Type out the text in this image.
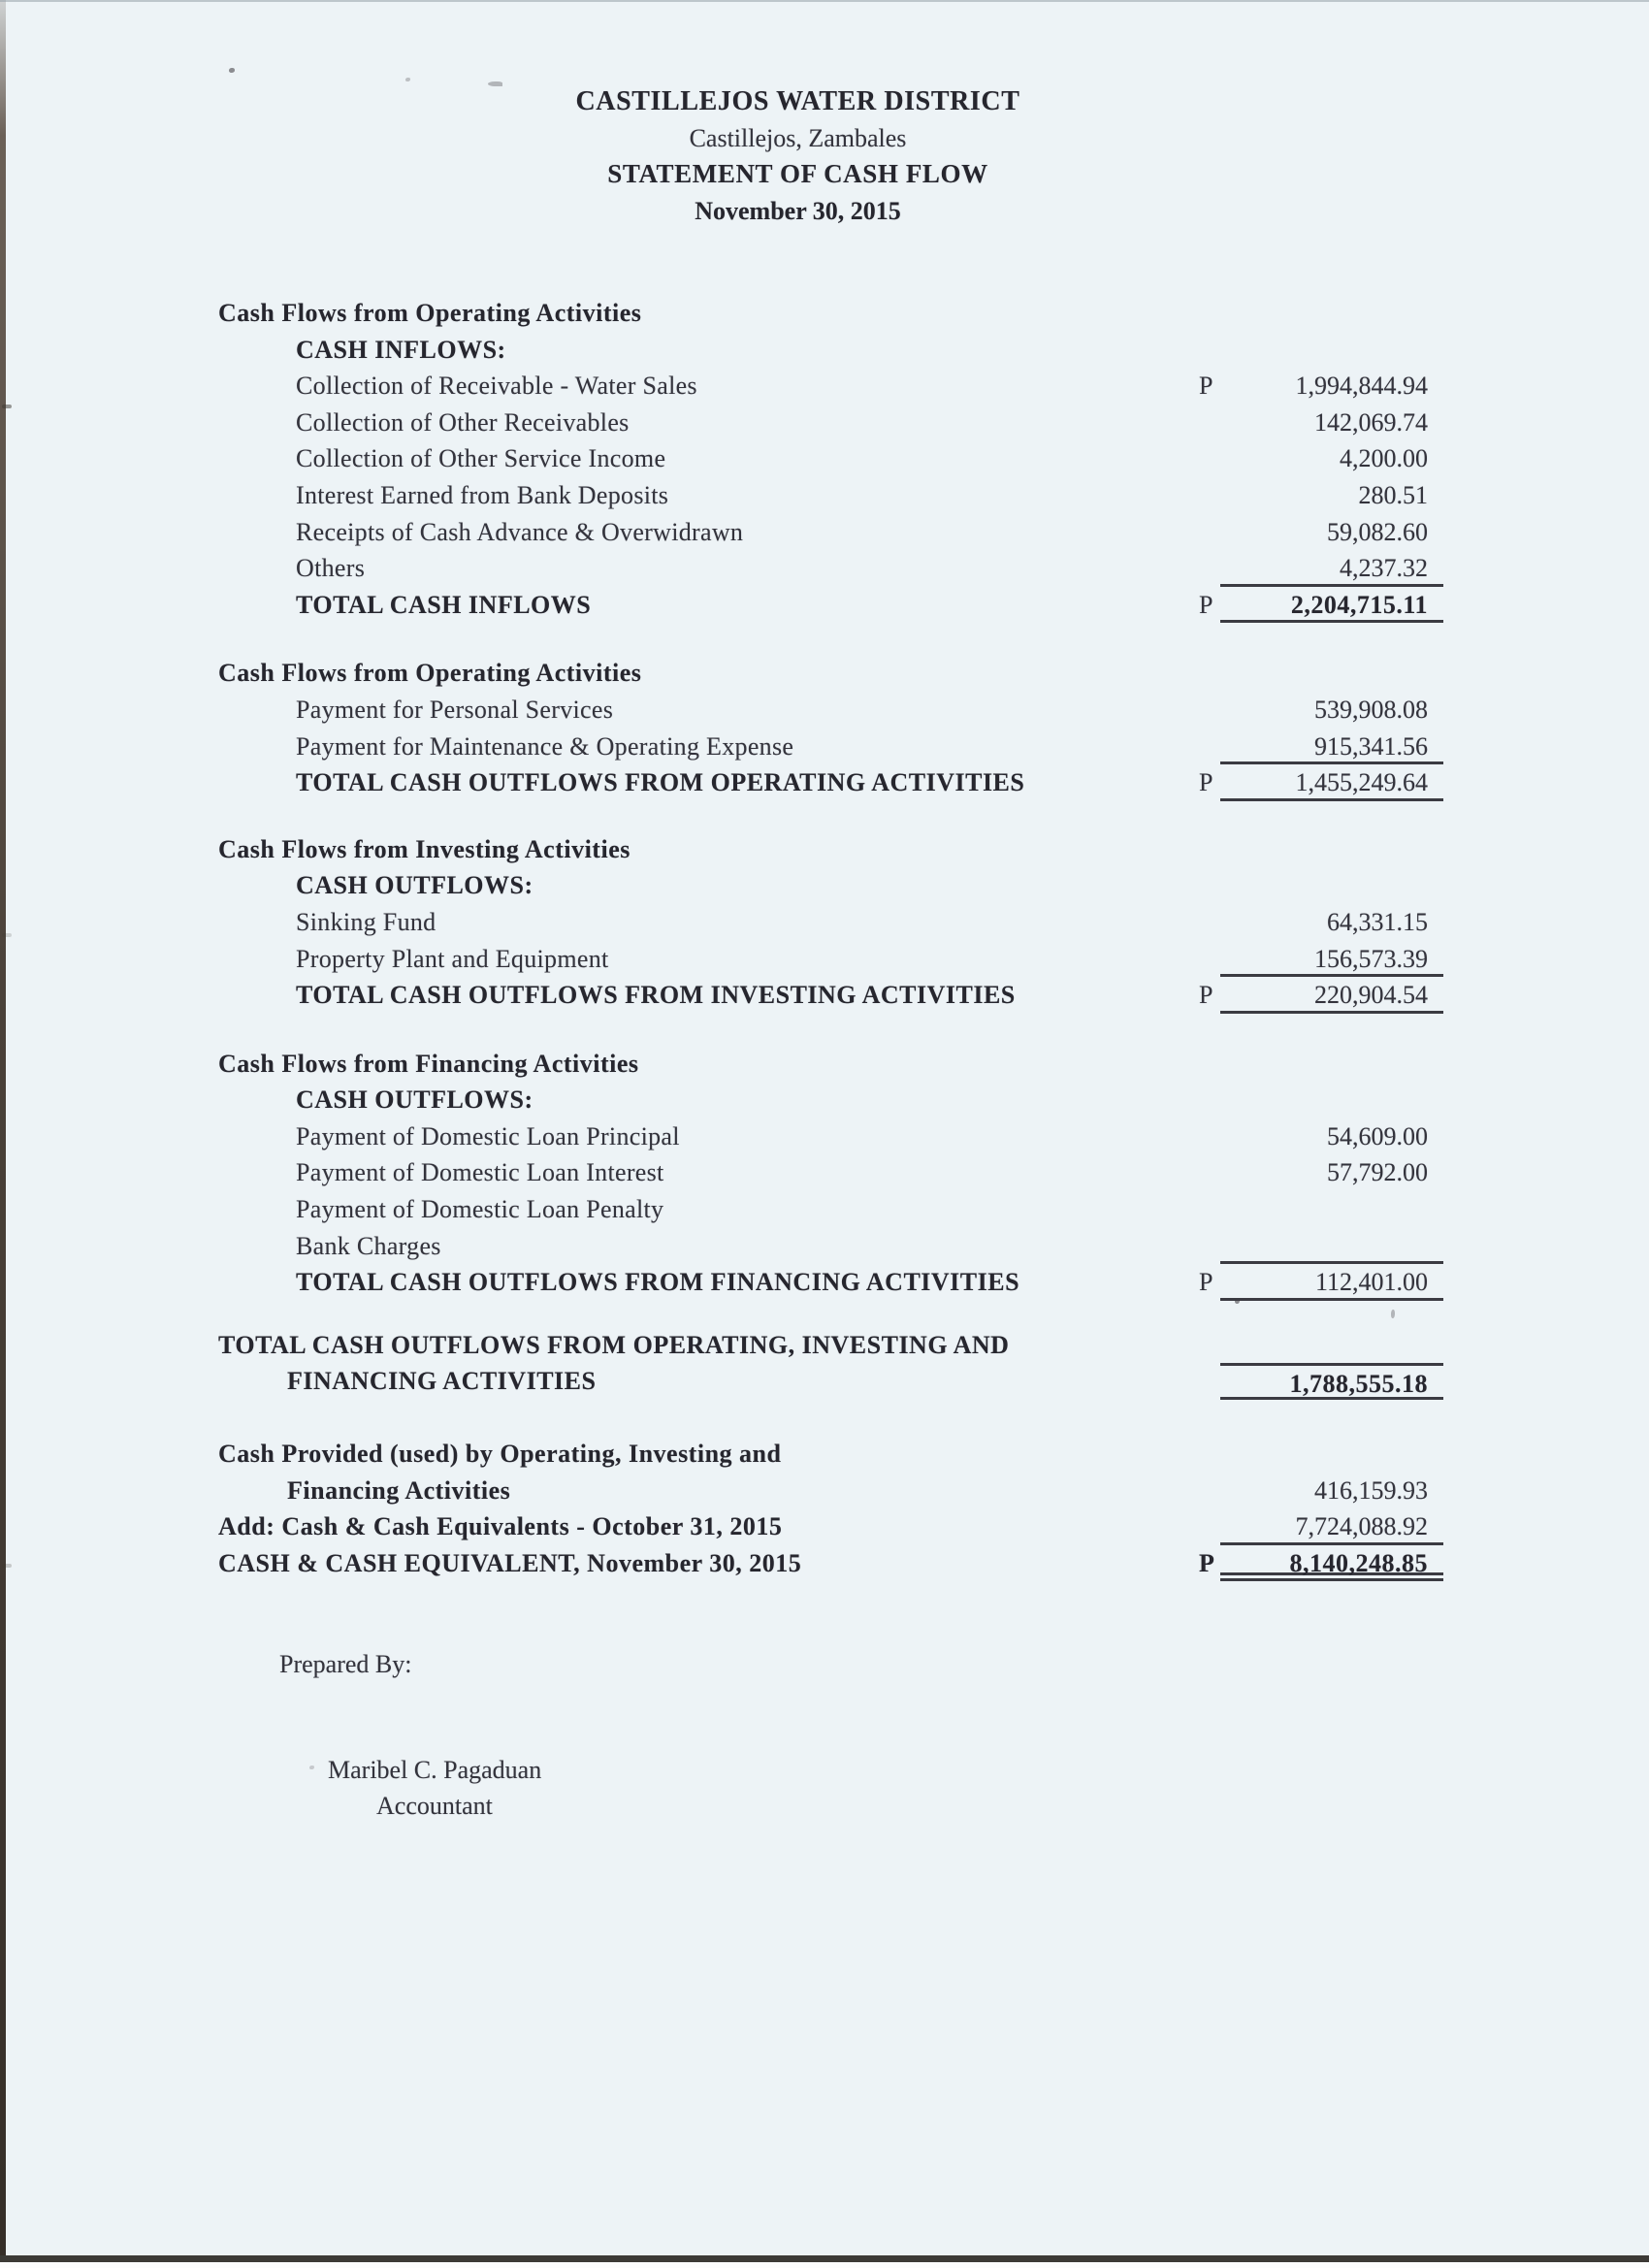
CASTILLEJOS WATER DISTRICT
Castillejos, Zambales
STATEMENT OF CASH FLOW
November 30, 2015
Cash Flows from Operating Activities
CASH INFLOWS:
Collection of Receivable - Water Sales	P	1,994,844.94
Collection of Other Receivables	142,069.74
Collection of Other Service Income	4,200.00
Interest Earned from Bank Deposits	280.51
Receipts of Cash Advance & Overwidrawn	59,082.60
Others	4,237.32
TOTAL CASH INFLOWS	P	2,204,715.11
Cash Flows from Operating Activities
Payment for Personal Services	539,908.08
Payment for Maintenance & Operating Expense	915,341.56
TOTAL CASH OUTFLOWS FROM OPERATING ACTIVITIES	P	1,455,249.64
Cash Flows from Investing Activities
CASH OUTFLOWS:
Sinking Fund	64,331.15
Property Plant and Equipment	156,573.39
TOTAL CASH OUTFLOWS FROM INVESTING ACTIVITIES	P	220,904.54
Cash Flows from Financing Activities
CASH OUTFLOWS:
Payment of Domestic Loan Principal	54,609.00
Payment of Domestic Loan Interest	57,792.00
Payment of Domestic Loan Penalty
Bank Charges
TOTAL CASH OUTFLOWS FROM FINANCING ACTIVITIES	P	112,401.00
TOTAL CASH OUTFLOWS FROM OPERATING, INVESTING AND
FINANCING ACTIVITIES	1,788,555.18
Cash Provided (used) by Operating, Investing and
Financing Activities	416,159.93
Add: Cash & Cash Equivalents - October 31, 2015	7,724,088.92
CASH & CASH EQUIVALENT, November 30, 2015	P	8,140,248.85
Prepared By:
Maribel C. Pagaduan
Accountant
